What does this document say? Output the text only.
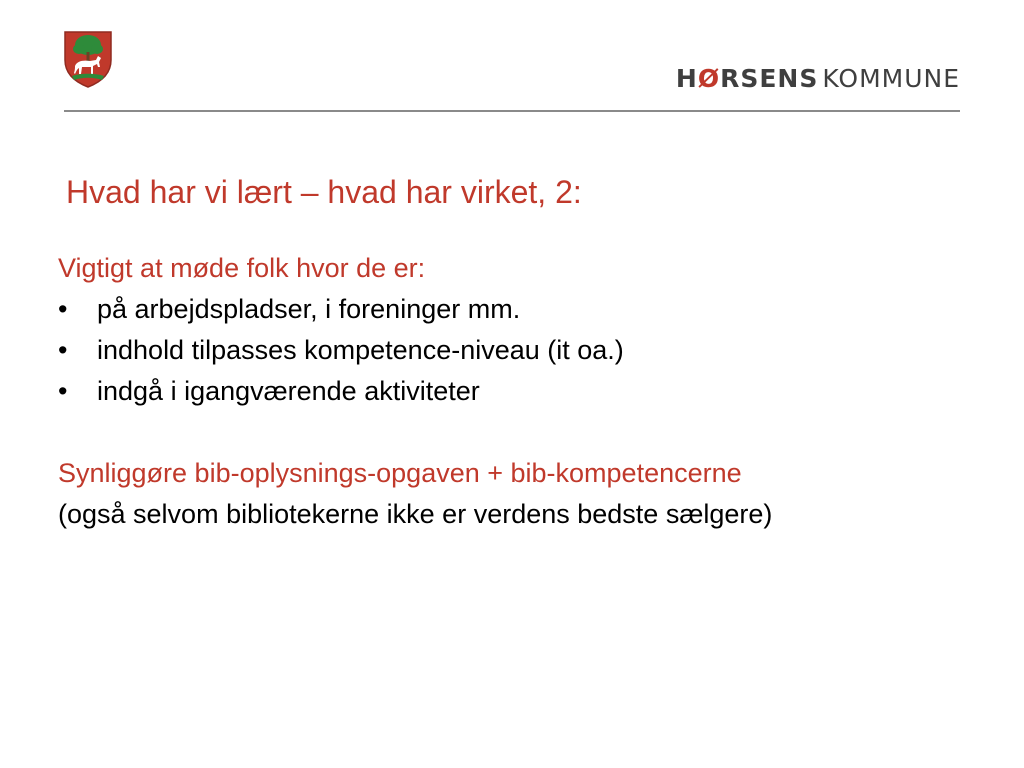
HØRSENS KOMMUNE
Hvad har vi lært – hvad har virket, 2:
Vigtigt at møde folk hvor de er:
• på arbejdspladser, i foreninger mm.
• indhold tilpasses kompetence-niveau (it oa.)
• indgå i igangværende aktiviteter
Synliggøre bib-oplysnings-opgaven + bib-kompetencerne
(også selvom bibliotekerne ikke er verdens bedste sælgere)
